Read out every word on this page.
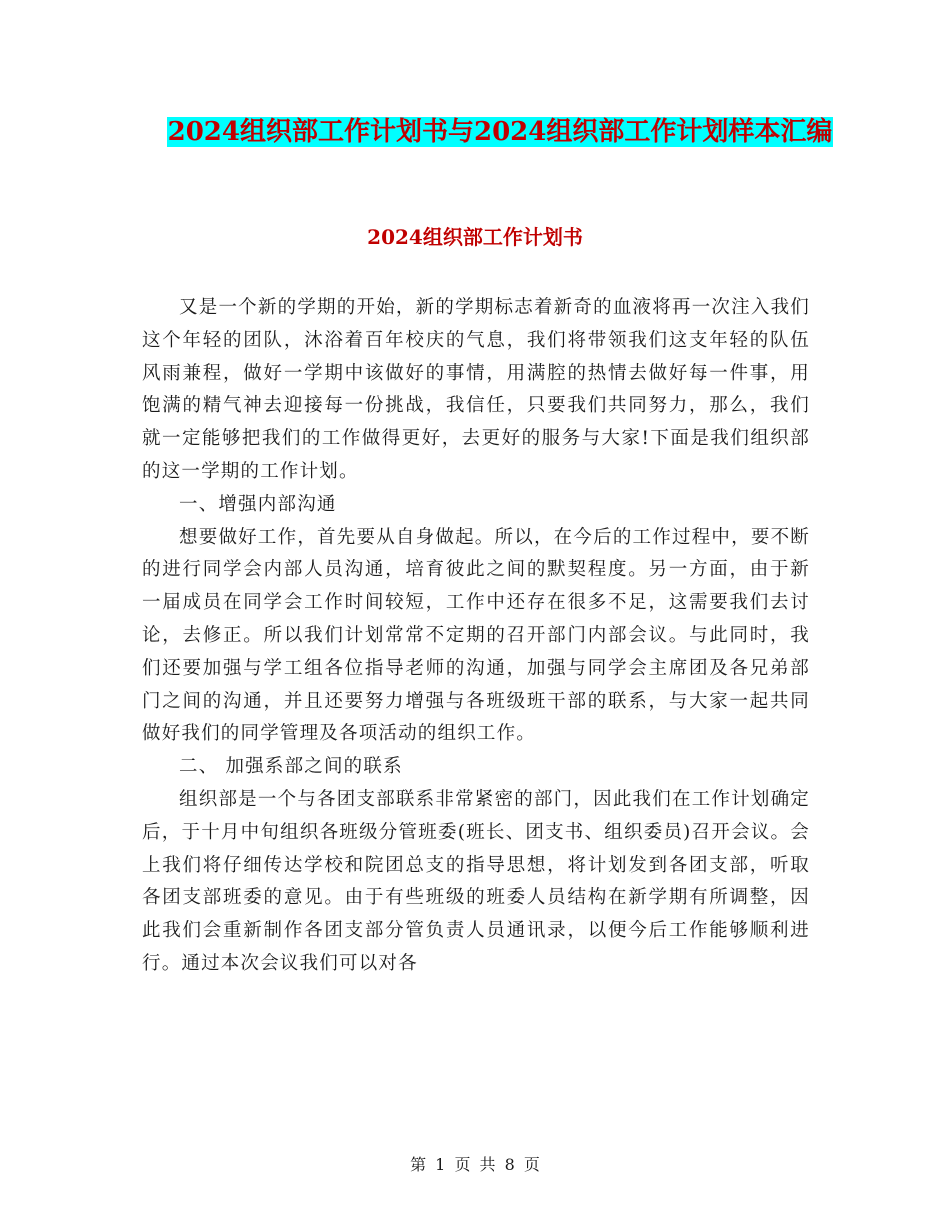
2024组织部工作计划书与2024组织部工作计划样本汇编
2024组织部工作计划书

又是一个新的学期的开始，新的学期标志着新奇的血液将再一次注入我们这个年轻的团队，沐浴着百年校庆的气息，我们将带领我们这支年轻的队伍风雨兼程，做好一学期中该做好的事情，用满腔的热情去做好每一件事，用饱满的精气神去迎接每一份挑战，我信任，只要我们共同努力，那么，我们就一定能够把我们的工作做得更好，去更好的服务与大家!下面是我们组织部的这一学期的工作计划。

一、增强内部沟通

想要做好工作，首先要从自身做起。所以，在今后的工作过程中，要不断的进行同学会内部人员沟通，培育彼此之间的默契程度。另一方面，由于新一届成员在同学会工作时间较短，工作中还存在很多不足，这需要我们去讨论，去修正。所以我们计划常常不定期的召开部门内部会议。与此同时，我们还要加强与学工组各位指导老师的沟通，加强与同学会主席团及各兄弟部门之间的沟通，并且还要努力增强与各班级班干部的联系，与大家一起共同做好我们的同学管理及各项活动的组织工作。

二、 加强系部之间的联系

组织部是一个与各团支部联系非常紧密的部门，因此我们在工作计划确定后，于十月中旬组织各班级分管班委(班长、团支书、组织委员)召开会议。会上我们将仔细传达学校和院团总支的指导思想，将计划发到各团支部，听取各团支部班委的意见。由于有些班级的班委人员结构在新学期有所调整，因此我们会重新制作各团支部分管负责人员通讯录，以便今后工作能够顺利进行。通过本次会议我们可以对各

第 1 页 共 8 页
